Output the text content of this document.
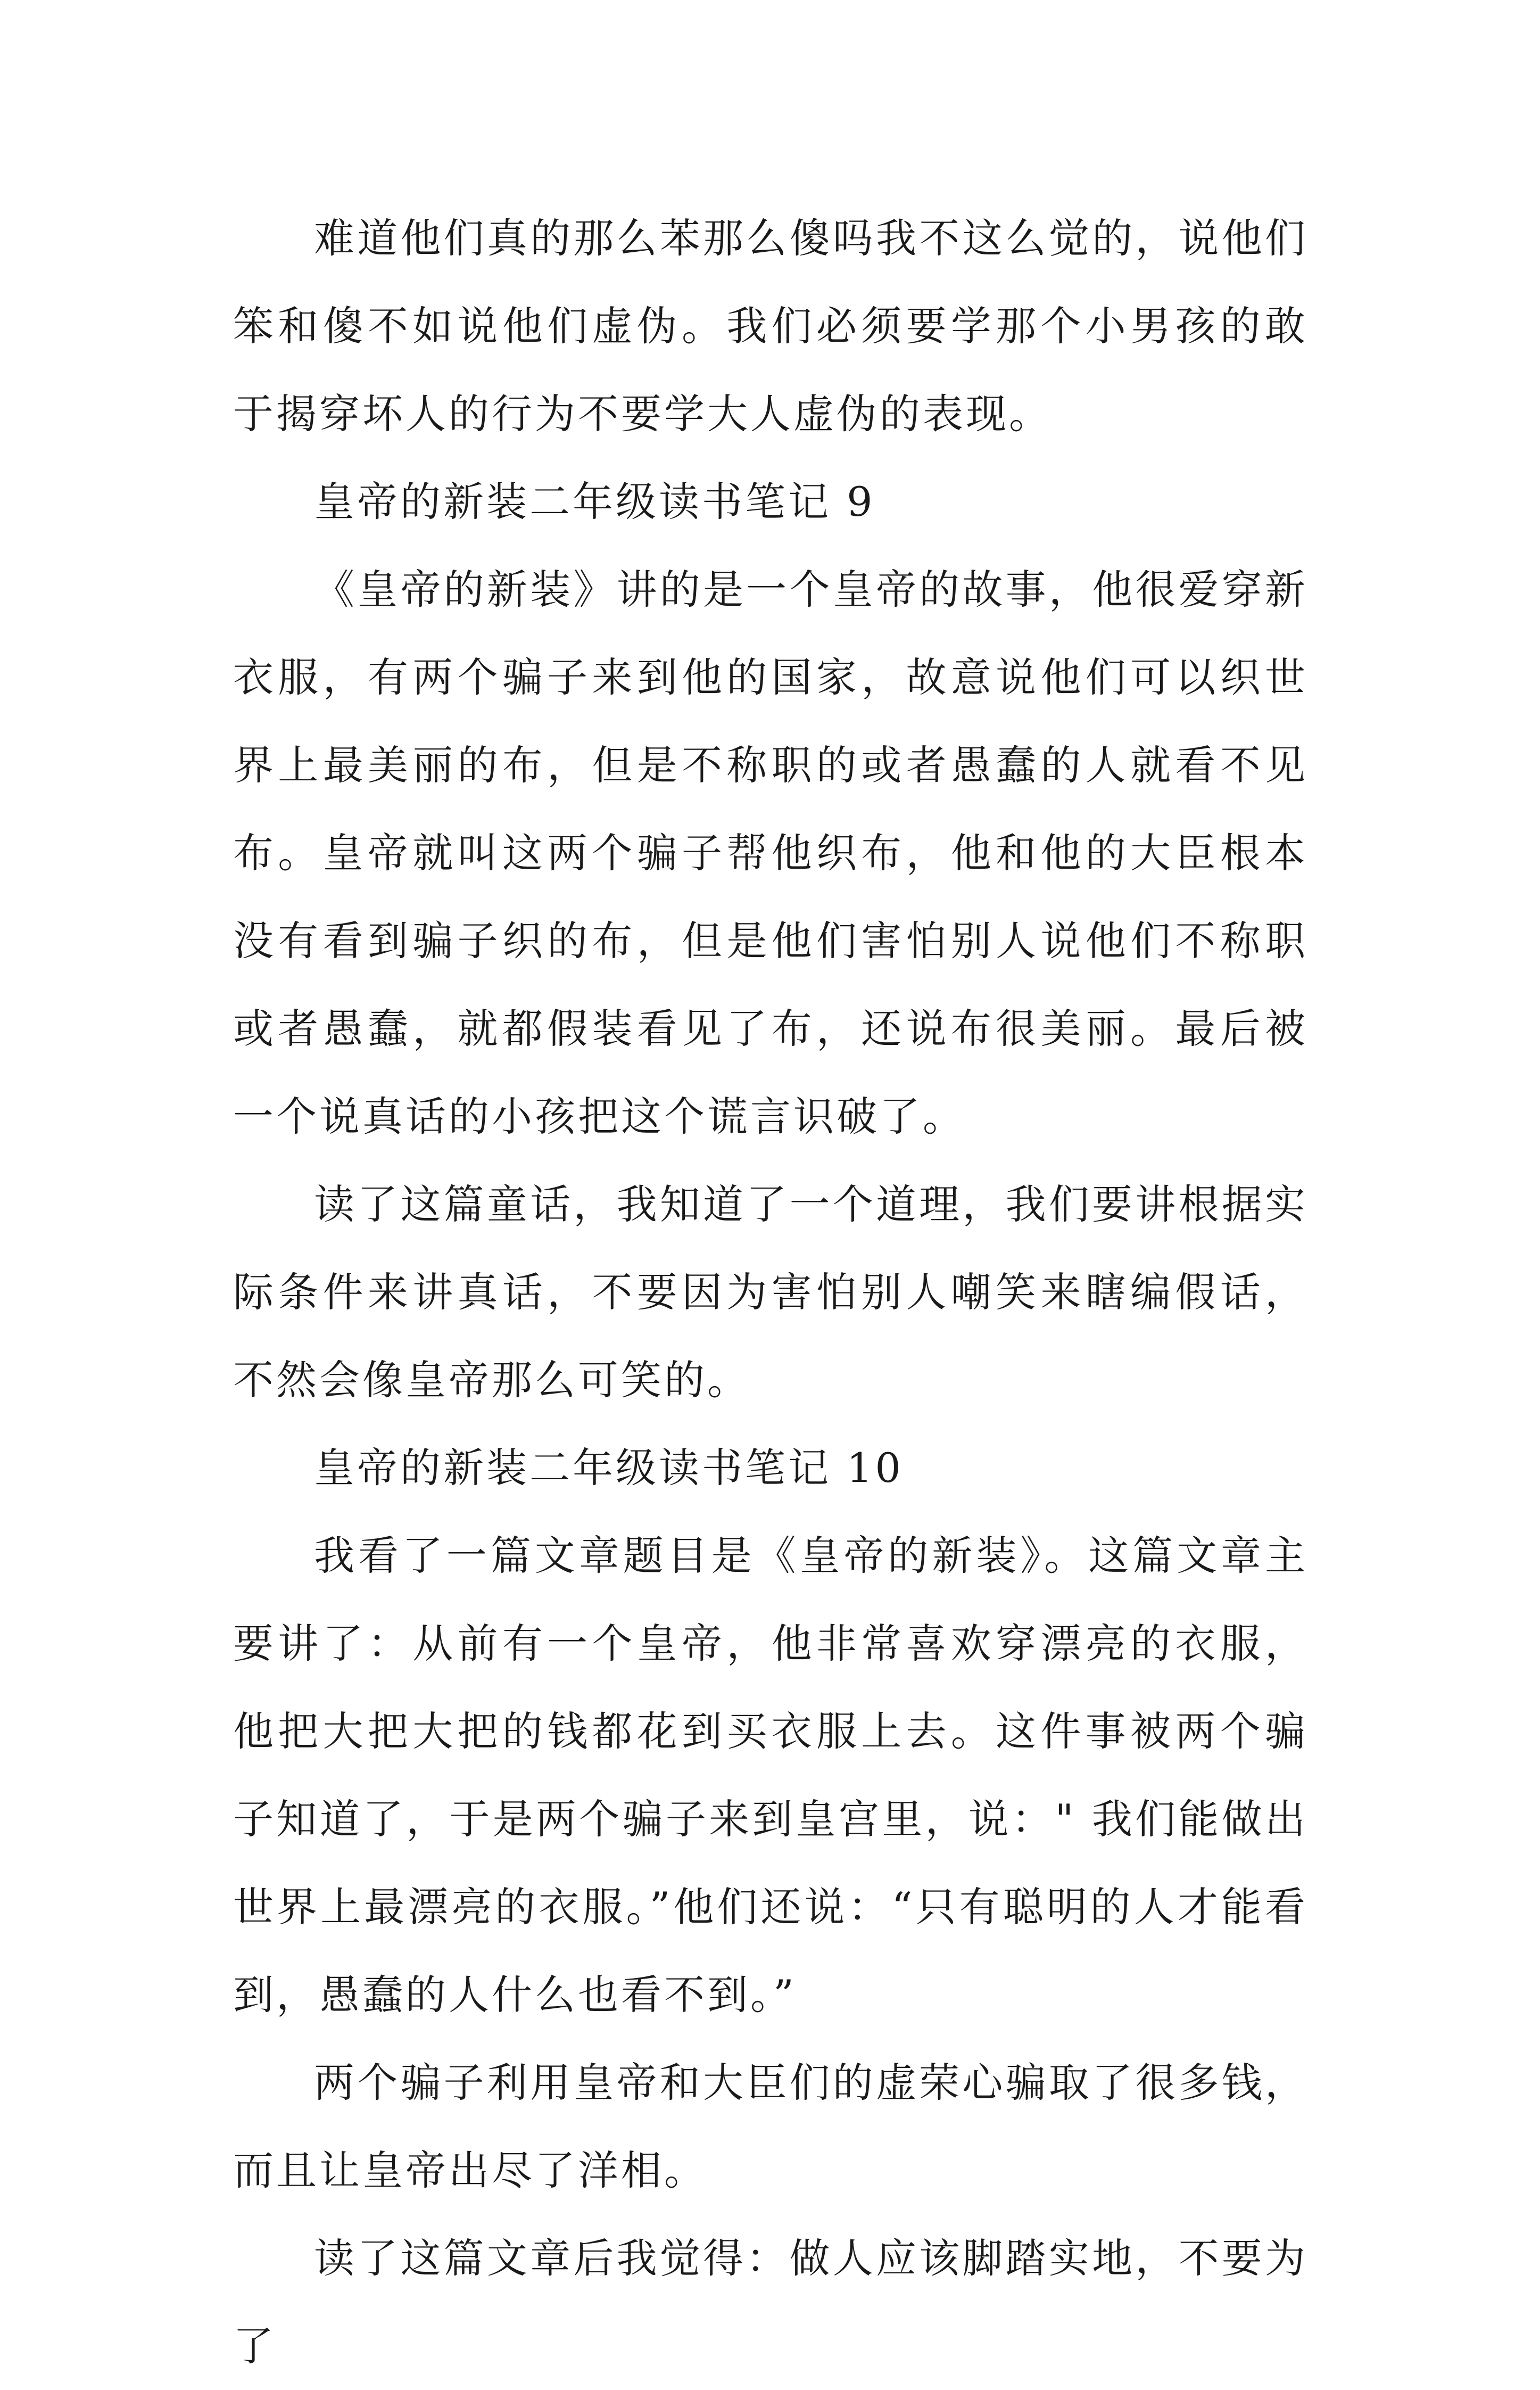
难道他们真的那么苯那么傻吗我不这么觉的，说他们笨和傻不如说他们虚伪。我们必须要学那个小男孩的敢于揭穿坏人的行为不要学大人虚伪的表现。

皇帝的新装二年级读书笔记 9

《皇帝的新装》讲的是一个皇帝的故事，他很爱穿新衣服，有两个骗子来到他的国家，故意说他们可以织世界上最美丽的布，但是不称职的或者愚蠢的人就看不见布。皇帝就叫这两个骗子帮他织布，他和他的大臣根本没有看到骗子织的布，但是他们害怕别人说他们不称职或者愚蠢，就都假装看见了布，还说布很美丽。最后被一个说真话的小孩把这个谎言识破了。

读了这篇童话，我知道了一个道理，我们要讲根据实际条件来讲真话，不要因为害怕别人嘲笑来瞎编假话，不然会像皇帝那么可笑的。

皇帝的新装二年级读书笔记 10

我看了一篇文章题目是《皇帝的新装》。这篇文章主要讲了：从前有一个皇帝，他非常喜欢穿漂亮的衣服，他把大把大把的钱都花到买衣服上去。这件事被两个骗子知道了，于是两个骗子来到皇宫里，说：" 我们能做出世界上最漂亮的衣服。”他们还说：“只有聪明的人才能看到，愚蠢的人什么也看不到。”

两个骗子利用皇帝和大臣们的虚荣心骗取了很多钱，而且让皇帝出尽了洋相。

读了这篇文章后我觉得：做人应该脚踏实地，不要为了
